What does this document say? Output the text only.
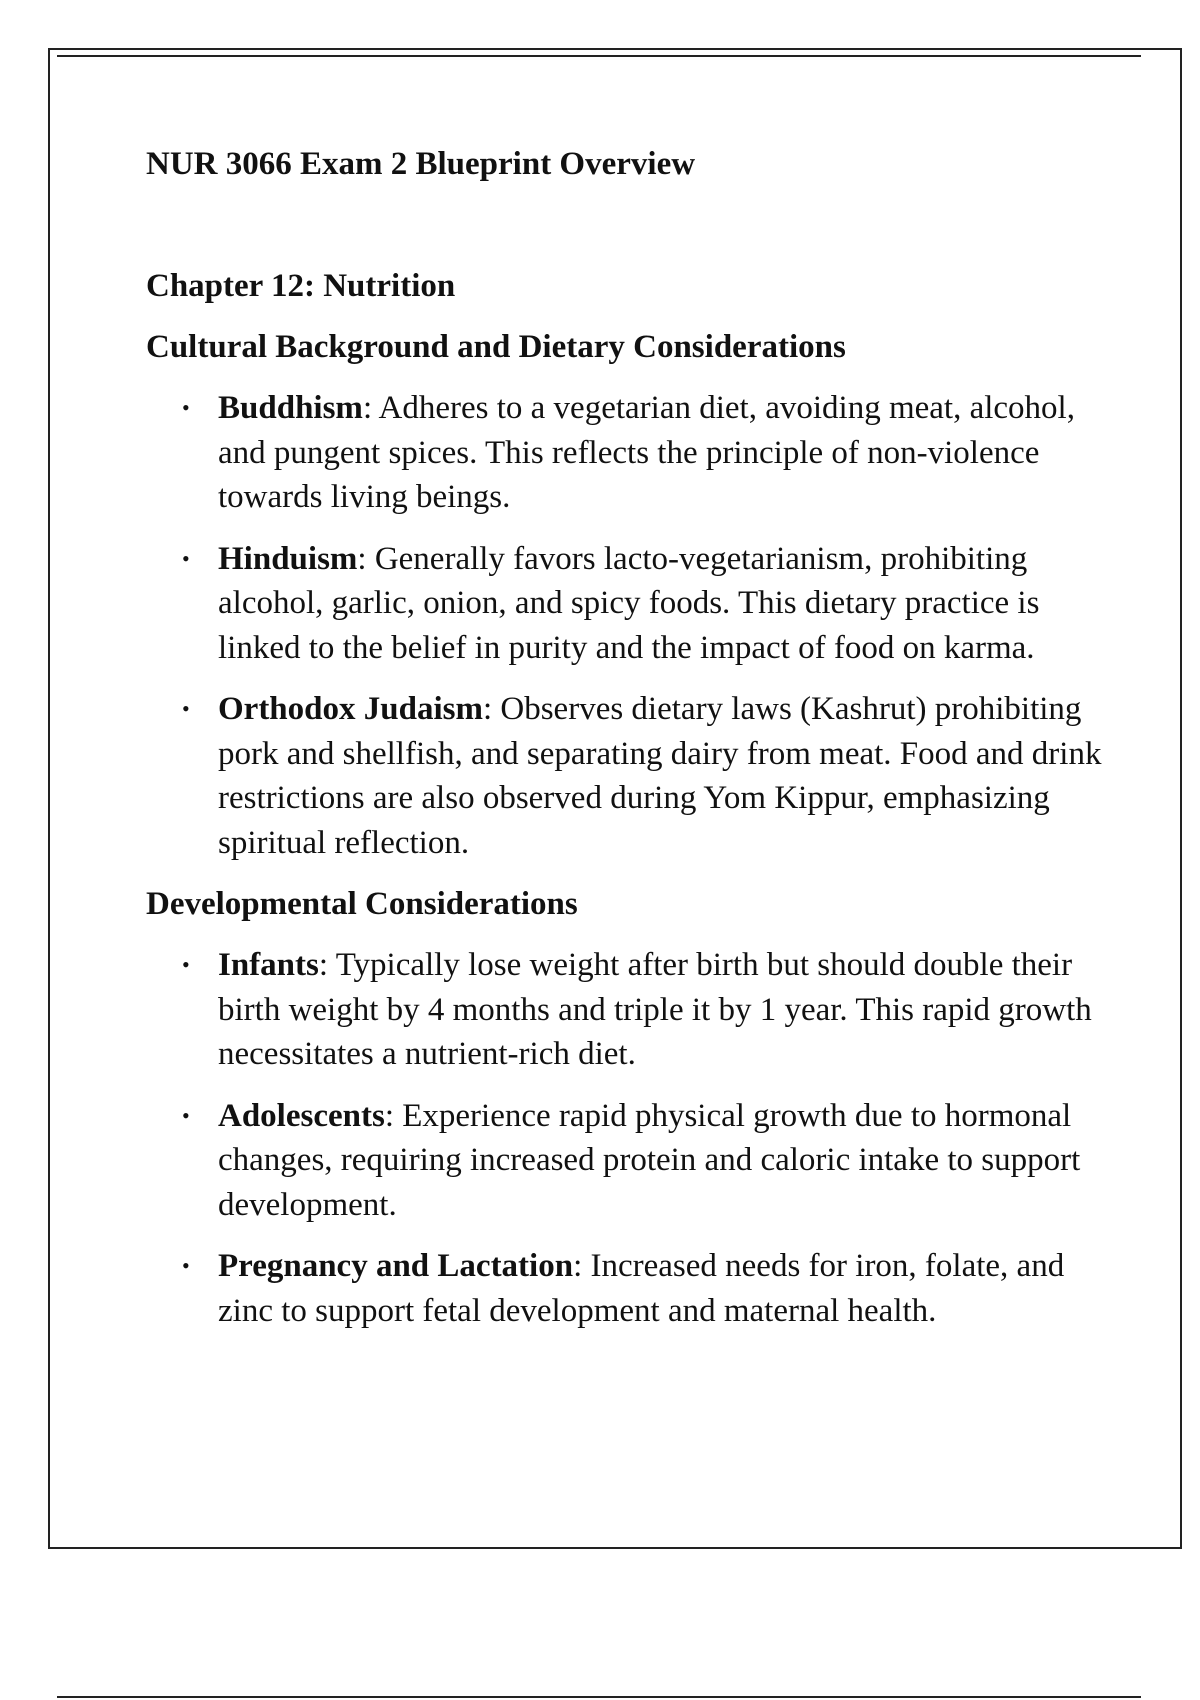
NUR 3066 Exam 2 Blueprint Overview
Chapter 12: Nutrition
Cultural Background and Dietary Considerations
• Buddhism: Adheres to a vegetarian diet, avoiding meat, alcohol, and pungent spices. This reflects the principle of non-violence towards living beings.
• Hinduism: Generally favors lacto-vegetarianism, prohibiting alcohol, garlic, onion, and spicy foods. This dietary practice is linked to the belief in purity and the impact of food on karma.
• Orthodox Judaism: Observes dietary laws (Kashrut) prohibiting pork and shellfish, and separating dairy from meat. Food and drink restrictions are also observed during Yom Kippur, emphasizing spiritual reflection.
Developmental Considerations
• Infants: Typically lose weight after birth but should double their birth weight by 4 months and triple it by 1 year. This rapid growth necessitates a nutrient-rich diet.
• Adolescents: Experience rapid physical growth due to hormonal changes, requiring increased protein and caloric intake to support development.
• Pregnancy and Lactation: Increased needs for iron, folate, and zinc to support fetal development and maternal health.
